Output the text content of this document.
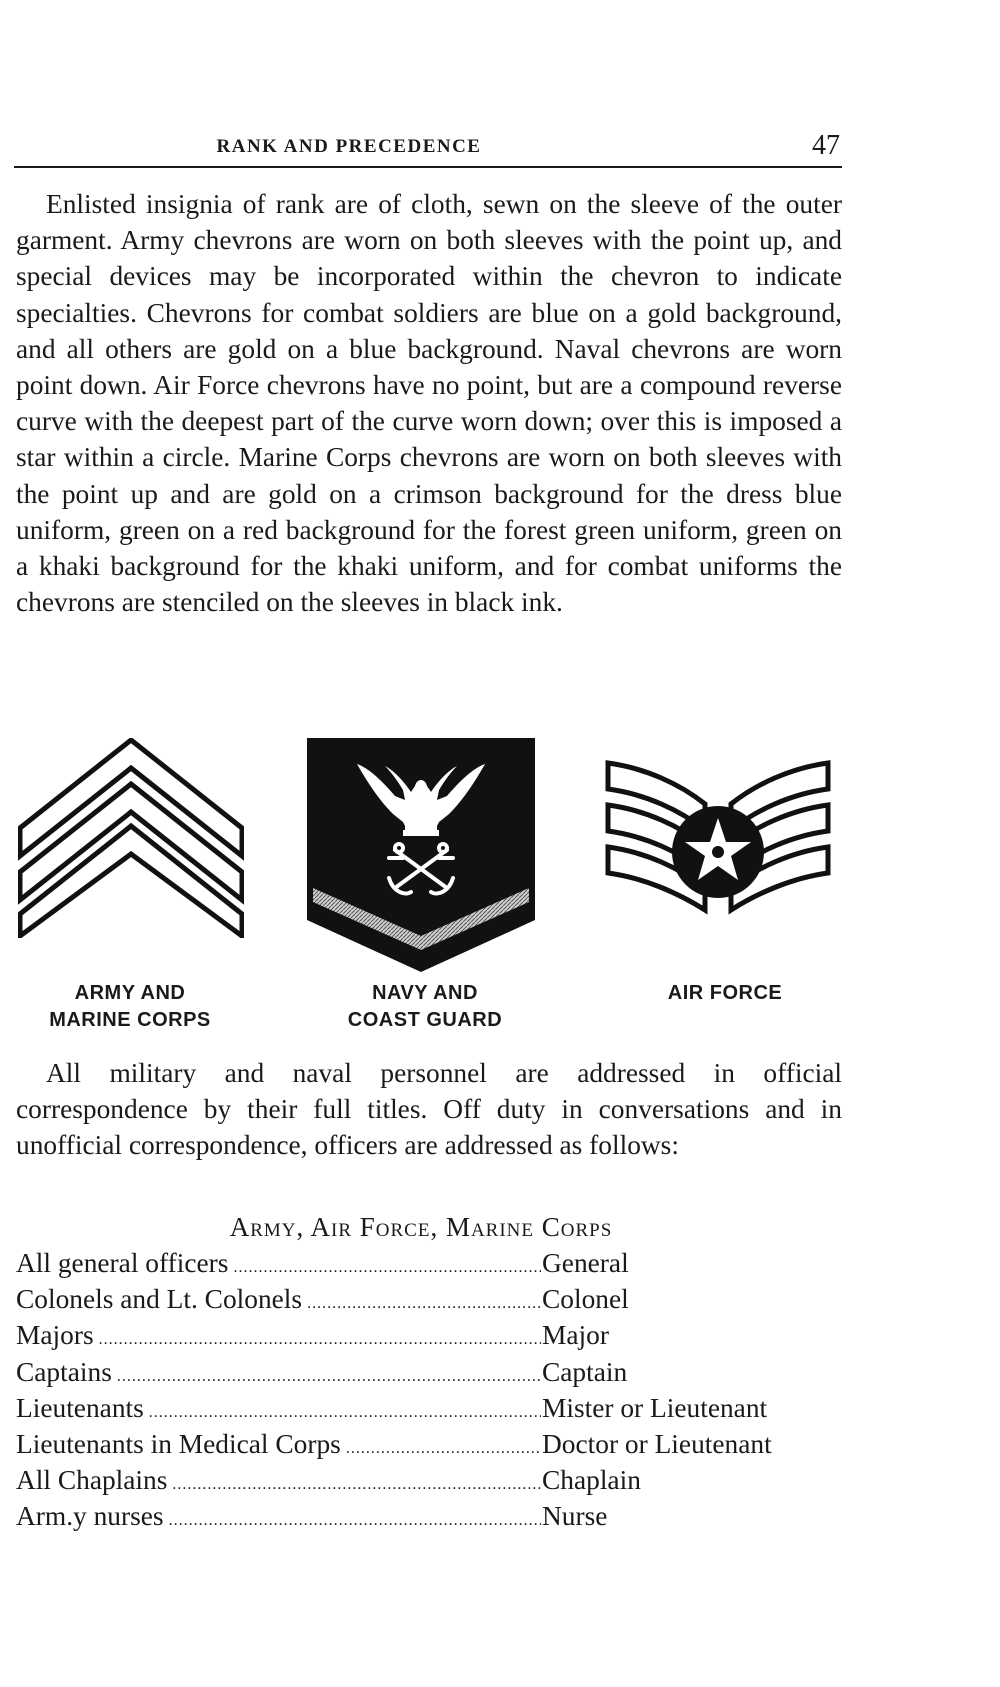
RANK AND PRECEDENCE	47

Enlisted insignia of rank are of cloth, sewn on the sleeve of the outer garment. Army chevrons are worn on both sleeves with the point up, and special devices may be incorporated within the chevron to indicate specialties. Chevrons for combat soldiers are blue on a gold background, and all others are gold on a blue background. Naval chevrons are worn point down. Air Force chevrons have no point, but are a compound reverse curve with the deepest part of the curve worn down; over this is imposed a star within a circle. Marine Corps chevrons are worn on both sleeves with the point up and are gold on a crimson background for the dress blue uniform, green on a red background for the forest green uniform, green on a khaki background for the khaki uniform, and for combat uniforms the chevrons are stenciled on the sleeves in black ink.

ARMY AND
MARINE CORPS
NAVY AND
COAST GUARD
AIR FORCE

All military and naval personnel are addressed in official correspondence by their full titles. Off duty in conversations and in unofficial correspondence, officers are addressed as follows:

Army, Air Force, Marine Corps
All general officers .....	General
Colonels and Lt. Colonels .....	Colonel
Majors .....	Major
Captains .....	Captain
Lieutenants .....	Mister or Lieutenant
Lieutenants in Medical Corps .....	Doctor or Lieutenant
All Chaplains .....	Chaplain
Arm.y nurses .....	Nurse
